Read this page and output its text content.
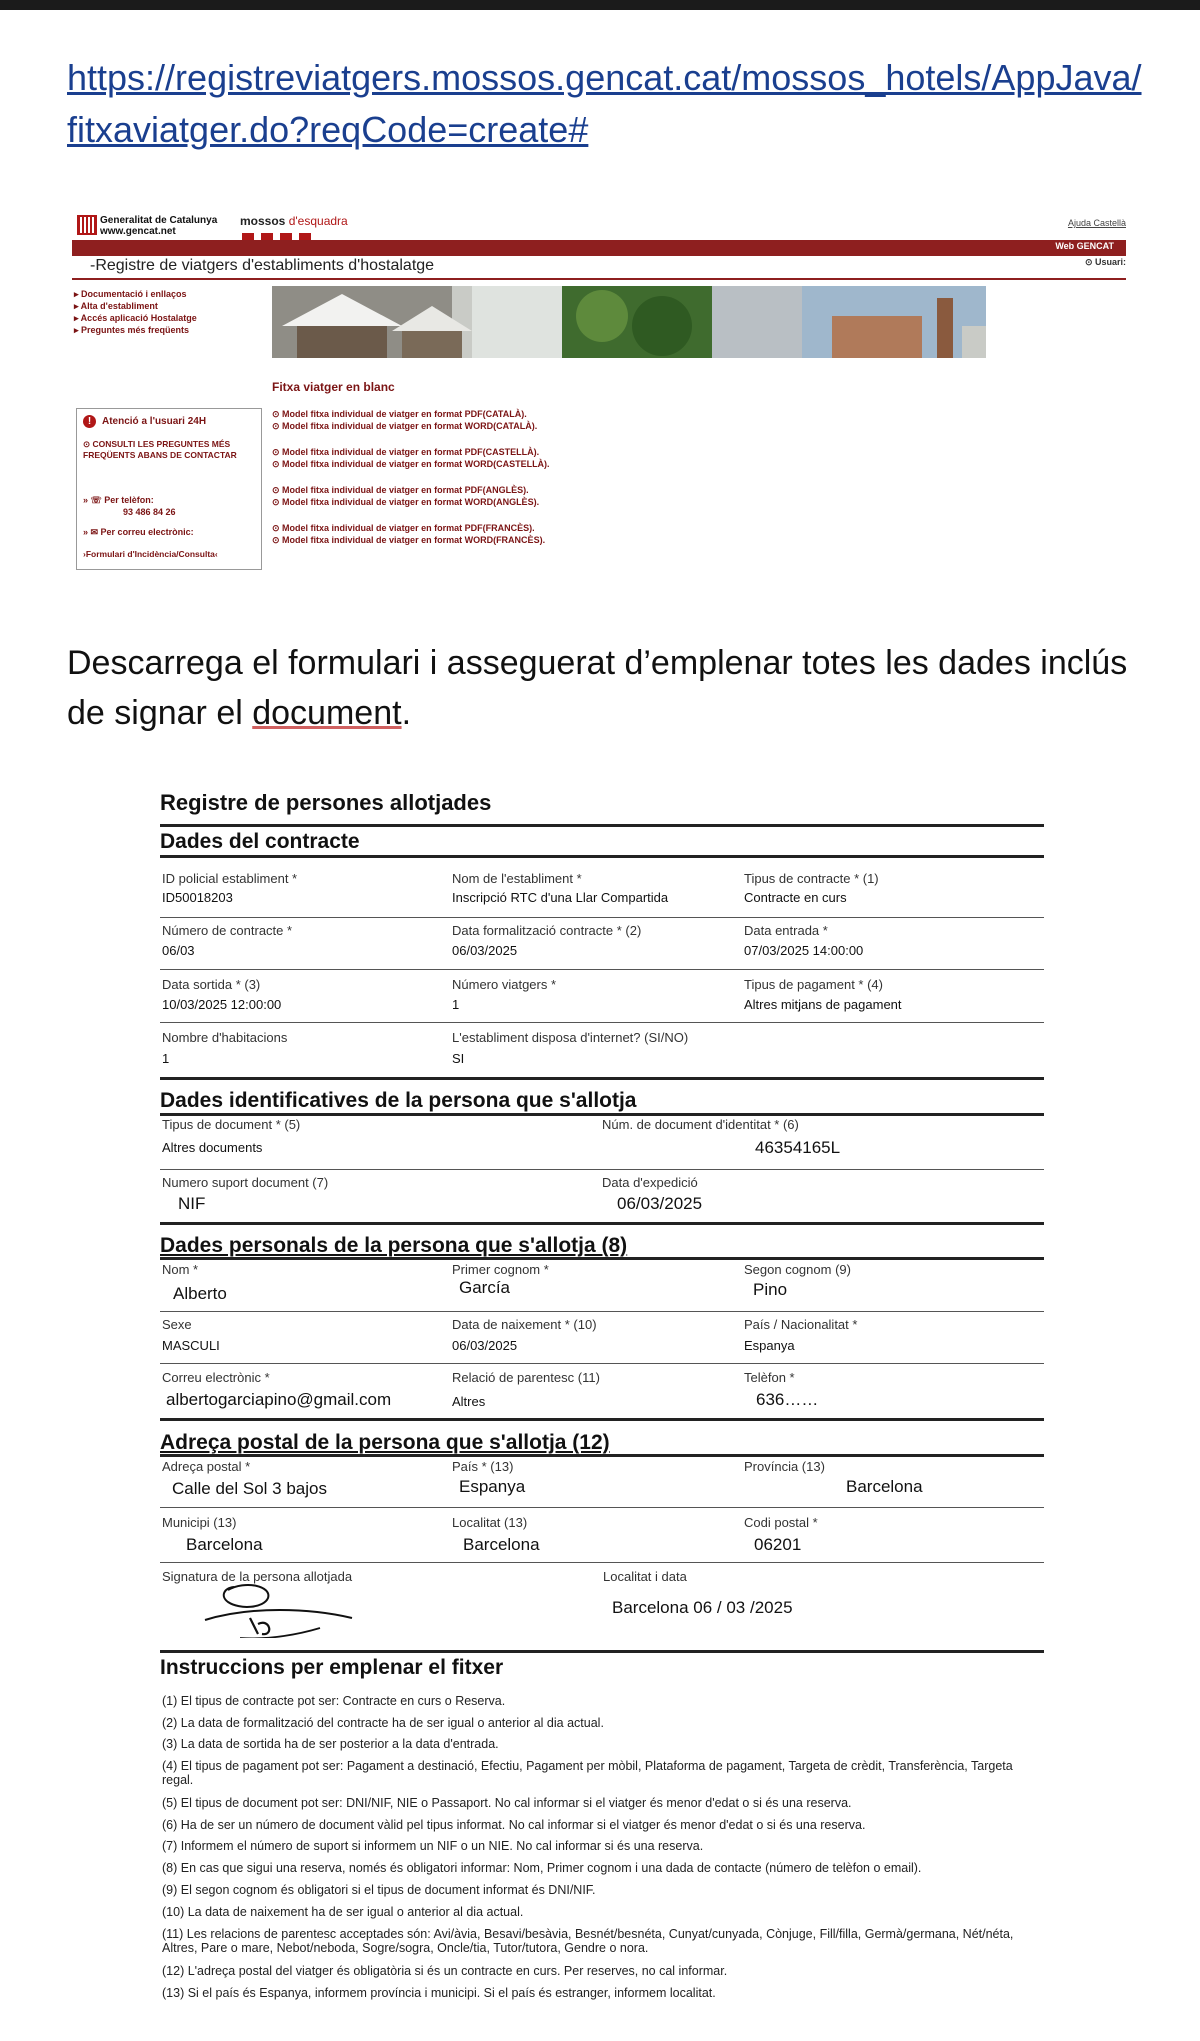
https://registreviatgers.mossos.gencat.cat/mossos_hotels/AppJava/fitxaviatger.do?reqCode=create#
Generalitat de Catalunya
www.gencat.net
mossos d'esquadra	Ajuda Castellà
Web GENCAT
⊙ Usuari:
-Registre de viatgers d'establiments d'hostalatge
▸ Documentació i enllaços
▸ Alta d'establiment
▸ Accés aplicació Hostalatge
▸ Preguntes més freqüents
Fitxa viatger en blanc
! Atenció a l'usuari 24H
⊙ CONSULTI LES PREGUNTES MÉS FREQÜENTS ABANS DE CONTACTAR
» ☏ Per telèfon:
93 486 84 26
» ✉ Per correu electrònic:
›Formulari d'Incidència/Consulta‹
⊙ Model fitxa individual de viatger en format PDF(CATALÀ).
⊙ Model fitxa individual de viatger en format WORD(CATALÀ).
⊙ Model fitxa individual de viatger en format PDF(CASTELLÀ).
⊙ Model fitxa individual de viatger en format WORD(CASTELLÀ).
⊙ Model fitxa individual de viatger en format PDF(ANGLÈS).
⊙ Model fitxa individual de viatger en format WORD(ANGLÈS).
⊙ Model fitxa individual de viatger en format PDF(FRANCÈS).
⊙ Model fitxa individual de viatger en format WORD(FRANCÈS).
Descarrega el formulari i asseguerat d’emplenar totes les dades inclús de signar el document.
Registre de persones allotjades
Dades del contracte
ID policial establiment *
ID50018203
Nom de l'establiment *
Inscripció RTC d'una Llar Compartida
Tipus de contracte * (1)
Contracte en curs
Número de contracte *
06/03
Data formalització contracte * (2)
06/03/2025
Data entrada *
07/03/2025 14:00:00
Data sortida * (3)
10/03/2025 12:00:00
Número viatgers *
1
Tipus de pagament * (4)
Altres mitjans de pagament
Nombre d'habitacions
1
L'establiment disposa d'internet? (SI/NO)
SI
Dades identificatives de la persona que s'allotja
Tipus de document * (5)
Altres documents
Núm. de document d'identitat * (6)
46354165L
Numero suport document (7)
NIF
Data d'expedició
06/03/2025
Dades personals de la persona que s'allotja (8)
Nom *
Alberto
Primer cognom *
García
Segon cognom (9)
Pino
Sexe
MASCULI
Data de naixement * (10)
06/03/2025
País / Nacionalitat *
Espanya
Correu electrònic *
albertogarciapino@gmail.com
Relació de parentesc (11)
Altres
Telèfon *
636……
Adreça postal de la persona que s'allotja (12)
Adreça postal *
Calle del Sol 3 bajos
País * (13)
Espanya
Província (13)
Barcelona
Municipi (13)
Barcelona
Localitat (13)
Barcelona
Codi postal *
06201
Signatura de la persona allotjada	Localitat i data
Barcelona 06 / 03 /2025
Instruccions per emplenar el fitxer
(1) El tipus de contracte pot ser: Contracte en curs o Reserva.
(2) La data de formalització del contracte ha de ser igual o anterior al dia actual.
(3) La data de sortida ha de ser posterior a la data d'entrada.
(4) El tipus de pagament pot ser: Pagament a destinació, Efectiu, Pagament per mòbil, Plataforma de pagament, Targeta de crèdit, Transferència, Targeta regal.
(5) El tipus de document pot ser: DNI/NIF, NIE o Passaport. No cal informar si el viatger és menor d'edat o si és una reserva.
(6) Ha de ser un número de document vàlid pel tipus informat. No cal informar si el viatger és menor d'edat o si és una reserva.
(7) Informem el número de suport si informem un NIF o un NIE. No cal informar si és una reserva.
(8) En cas que sigui una reserva, només és obligatori informar: Nom, Primer cognom i una dada de contacte (número de telèfon o email).
(9) El segon cognom és obligatori si el tipus de document informat és DNI/NIF.
(10) La data de naixement ha de ser igual o anterior al dia actual.
(11) Les relacions de parentesc acceptades són: Avi/àvia, Besavi/besàvia, Besnét/besnéta, Cunyat/cunyada, Cònjuge, Fill/filla, Germà/germana, Nét/néta, Altres, Pare o mare, Nebot/neboda, Sogre/sogra, Oncle/tia, Tutor/tutora, Gendre o nora.
(12) L'adreça postal del viatger és obligatòria si és un contracte en curs. Per reserves, no cal informar.
(13) Si el país és Espanya, informem província i municipi. Si el país és estranger, informem localitat.
